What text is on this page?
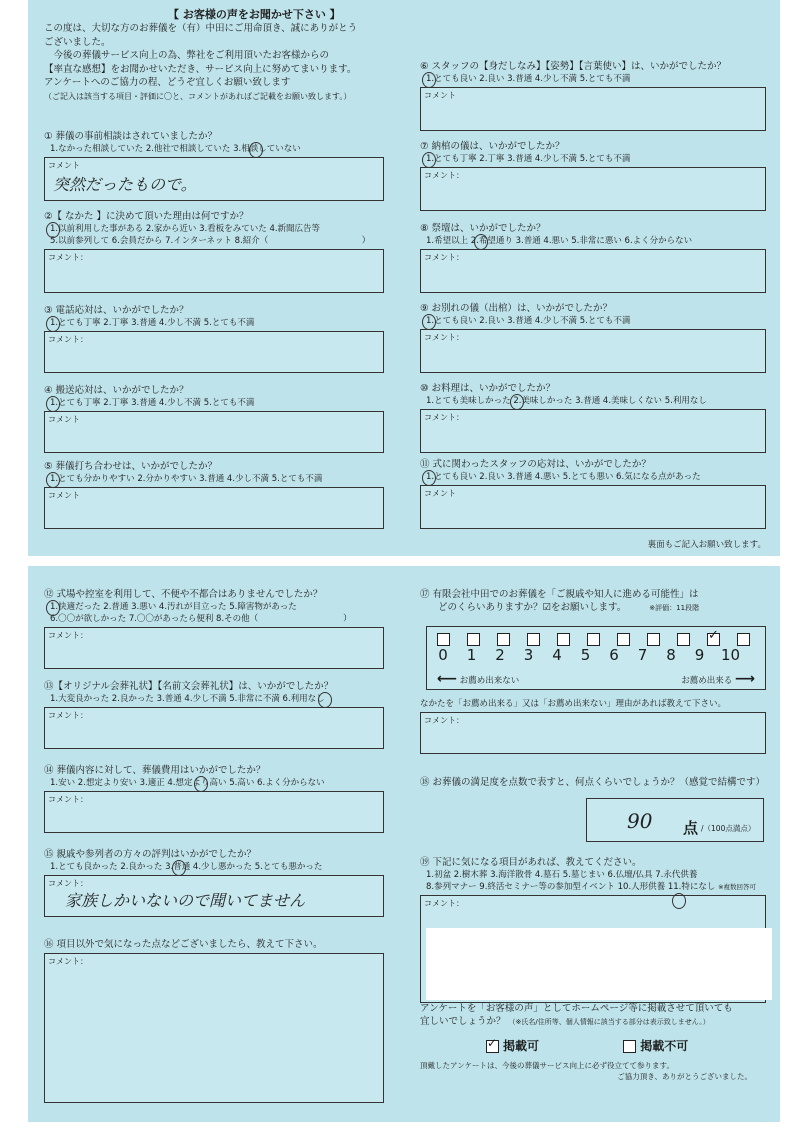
【 お客様の声をお聞かせ下さい 】
この度は、大切な方のお葬儀を（有）中田にご用命頂き、誠にありがとう
ございました。
　今後の葬儀サービス向上の為、弊社をご利用頂いたお客様からの
【率直な感想】をお聞かせいただき、サービス向上に努めてまいります。
アンケートへのご協力の程、どうぞ宜しくお願い致します
（ご記入は該当する項目・評価に〇と、コメントがあればご記載をお願い致します。）
① 葬儀の事前相談はされていましたか？
1.なかった相談していた 2.他社で相談していた 3.相談していない
コメント
突然だったもので。
②【 なかた 】に決めて頂いた理由は何ですか？
1.以前利用した事がある 2.家から近い 3.看板をみていた 4.新聞広告等
5.以前参列して 6.会員だから 7.インターネット 8.紹介（　　　　　　　　　　　）
コメント：
③ 電話応対は、いかがでしたか？
1.とても丁寧 2.丁寧 3.普通 4.少し不満 5.とても不満
コメント：
④ 搬送応対は、いかがでしたか？
1.とても丁寧 2.丁寧 3.普通 4.少し不満 5.とても不満
コメント
⑤ 葬儀打ち合わせは、いかがでしたか？
1.とても分かりやすい 2.分かりやすい 3.普通 4.少し不満 5.とても不満
コメント
⑥ スタッフの【身だしなみ】【姿勢】【言葉使い】は、いかがでしたか？
1.とても良い 2.良い 3.普通 4.少し不満 5.とても不満
コメント
⑦ 納棺の儀は、いかがでしたか？
1.とても丁寧 2.丁寧 3.普通 4.少し不満 5.とても不満
コメント：
⑧ 祭壇は、いかがでしたか？
1.希望以上 2.希望通り 3.普通 4.悪い 5.非常に悪い 6.よく分からない
コメント：
⑨ お別れの儀（出棺）は、いかがでしたか？
1.とても良い 2.良い 3.普通 4.少し不満 5.とても不満
コメント：
⑩ お料理は、いかがでしたか？
1.とても美味しかった 2.美味しかった 3.普通 4.美味しくない 5.利用なし
コメント：
⑪ 式に関わったスタッフの応対は、いかがでしたか？
1.とても良い 2.良い 3.普通 4.悪い 5.とても悪い 6.気になる点があった
コメント
裏面もご記入お願い致します。
⑫ 式場や控室を利用して、不便や不都合はありませんでしたか？
1.快適だった 2.普通 3.悪い 4.汚れが目立った 5.障害物があった
6.〇〇が欲しかった 7.〇〇があったら便利 8.その他（　　　　　　　　　　）
コメント：
⑬【オリジナル会葬礼状】【名前文会葬礼状】は、いかがでしたか？
1.大変良かった 2.良かった 3.普通 4.少し不満 5.非常に不満 6.利用なし
コメント：
⑭ 葬儀内容に対して、葬儀費用はいかがでしたか？
1.安い 2.想定より安い 3.適正 4.想定より高い 5.高い 6.よく分からない
コメント：
⑮ 親戚や参列者の方々の評判はいかがでしたか？
1.とても良かった 2.良かった 3.普通 4.少し悪かった 5.とても悪かった
コメント：
家族しかいないので聞いてません
⑯ 項目以外で気になった点などございましたら、教えて下さい。
コメント：
⑰ 有限会社中田でのお葬儀を「ご親戚や知人に進める可能性」は
どのくらいありますか？☑をお願いします。	※評価：11段階
✓
0 1 2 3 4 5 6 7 8 9 10
⟵ お薦め出来ない	お薦め出来る ⟶
なかたを「お薦め出来る」又は「お薦め出来ない」理由があれば教えて下さい。
コメント：
⑱ お葬儀の満足度を点数で表すと、何点くらいでしょうか？（感覚で結構です）
90 点 /（100点満点）
⑲ 下記に気になる項目があれば、教えてください。
1.初盆 2.樹木葬 3.海洋散骨 4.墓石 5.墓じまい 6.仏壇/仏具 7.永代供養
8.参列マナー 9.終活セミナー等の参加型イベント 10.人形供養 11.特になし ※複数回答可
コメント：
アンケートを「お客様の声」としてホームページ等に掲載させて頂いても
宜しいでしょうか？ （※氏名/住所等、個人情報に該当する部分は表示致しません。）
✓ 掲載可	掲載不可
頂戴したアンケートは、今後の葬儀サービス向上に必ず役立てて参ります。
ご協力頂き、ありがとうございました。
